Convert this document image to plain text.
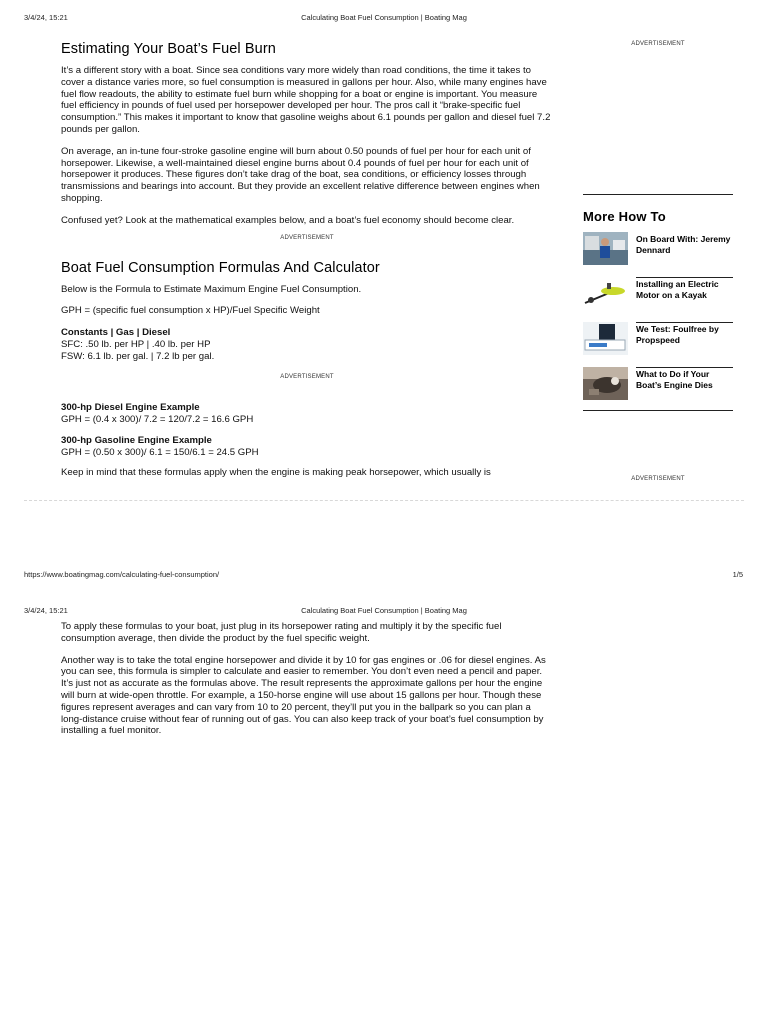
3/4/24, 15:21	Calculating Boat Fuel Consumption | Boating Mag
Estimating Your Boat’s Fuel Burn

It’s a different story with a boat. Since sea conditions vary more widely than road conditions, the time it takes to cover a distance varies more, so fuel consumption is measured in gallons per hour. Also, while many engines have fuel flow readouts, the ability to estimate fuel burn while shopping for a boat or engine is important. You measure fuel efficiency in pounds of fuel used per horsepower developed per hour. The pros call it “brake-specific fuel consumption.” This makes it important to know that gasoline weighs about 6.1 pounds per gallon and diesel fuel 7.2 pounds per gallon.

On average, an in-tune four-stroke gasoline engine will burn about 0.50 pounds of fuel per hour for each unit of horsepower. Likewise, a well-maintained diesel engine burns about 0.4 pounds of fuel per hour for each unit of horsepower it produces. These figures don’t take drag of the boat, sea conditions, or efficiency losses through transmissions and bearings into account. But they provide an excellent relative difference between engines when shopping.

Confused yet? Look at the mathematical examples below, and a boat’s fuel economy should become clear.

ADVERTISEMENT
Boat Fuel Consumption Formulas And Calculator

Below is the Formula to Estimate Maximum Engine Fuel Consumption.

GPH = (specific fuel consumption x HP)/Fuel Specific Weight

Constants | Gas | Diesel
SFC: .50 lb. per HP | .40 lb. per HP
FSW: 6.1 lb. per gal. | 7.2 lb per gal.
ADVERTISEMENT
300-hp Diesel Engine Example
GPH = (0.4 x 300)/ 7.2 = 120/7.2 = 16.6 GPH
300-hp Gasoline Engine Example
GPH = (0.50 x 300)/ 6.1 = 150/6.1 = 24.5 GPH

Keep in mind that these formulas apply when the engine is making peak horsepower, which usually is

ADVERTISEMENT
More How To
On Board With: Jeremy Dennard
Installing an Electric Motor on a Kayak
We Test: Foulfree by Propspeed
What to Do if Your Boat’s Engine Dies
ADVERTISEMENT
https://www.boatingmag.com/calculating-fuel-consumption/	1/5
3/4/24, 15:21	Calculating Boat Fuel Consumption | Boating Mag

To apply these formulas to your boat, just plug in its horsepower rating and multiply it by the specific fuel consumption average, then divide the product by the fuel specific weight.

Another way is to take the total engine horsepower and divide it by 10 for gas engines or .06 for diesel engines. As you can see, this formula is simpler to calculate and easier to remember. You don’t even need a pencil and paper. It’s just not as accurate as the formulas above. The result represents the approximate gallons per hour the engine will burn at wide-open throttle. For example, a 150-horse engine will use about 15 gallons per hour. Though these figures represent averages and can vary from 10 to 20 percent, they’ll put you in the ballpark so you can plan a long-distance cruise without fear of running out of gas. You can also keep track of your boat’s fuel consumption by installing a fuel monitor.
